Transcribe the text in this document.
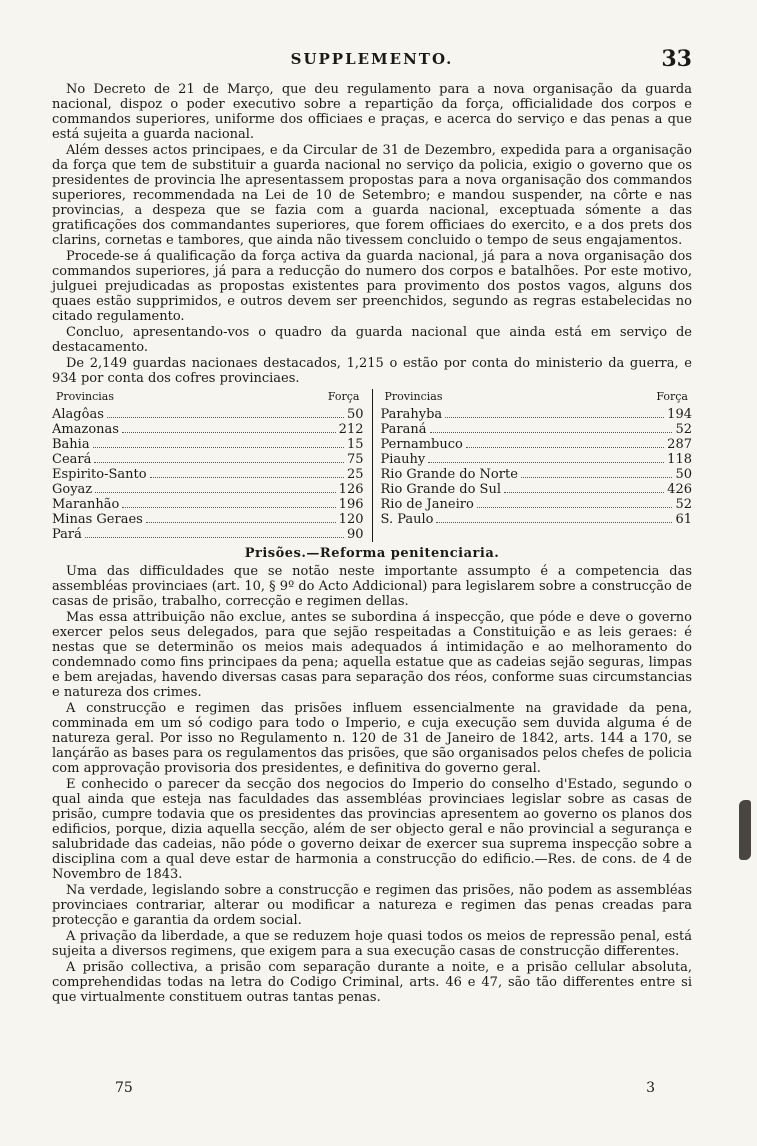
SUPPLEMENTO.	33

No Decreto de 21 de Março, que deu regulamento para a nova organisação da guarda nacional, dispoz o poder executivo sobre a repartição da força, officialidade dos corpos e commandos superiores, uniforme dos officiaes e praças, e acerca do serviço e das penas a que está sujeita a guarda nacional.

Além desses actos principaes, e da Circular de 31 de Dezembro, expedida para a organisação da força que tem de substituir a guarda nacional no serviço da policia, exigio o governo que os presidentes de provincia lhe apresentassem propostas para a nova organisação dos commandos superiores, recommendada na Lei de 10 de Setembro; e mandou suspender, na côrte e nas provincias, a despeza que se fazia com a guarda nacional, exceptuada sómente a das gratificações dos commandantes superiores, que forem officiaes do exercito, e a dos prets dos clarins, cornetas e tambores, que ainda não tivessem concluido o tempo de seus engajamentos.

Procede-se á qualificação da força activa da guarda nacional, já para a nova organisação dos commandos superiores, já para a reducção do numero dos corpos e batalhões. Por este motivo, julguei prejudicadas as propostas existentes para provimento dos postos vagos, alguns dos quaes estão supprimidos, e outros devem ser preenchidos, segundo as regras estabelecidas no citado regulamento.

Concluo, apresentando-vos o quadro da guarda nacional que ainda está em serviço de destacamento.

De 2,149 guardas nacionaes destacados, 1,215 o estão por conta do ministerio da guerra, e 934 por conta dos cofres provinciaes.

Provincias	Força
Alagôas	50
Amazonas	212
Bahia	15
Ceará	75
Espirito-Santo	25
Goyaz	126
Maranhão	196
Minas Geraes	120
Pará	90
Provincias	Força
Parahyba	194
Paraná	52
Pernambuco	287
Piauhy	118
Rio Grande do Norte	50
Rio Grande do Sul	426
Rio de Janeiro	52
S. Paulo	61
Prisões.—Reforma penitenciaria.

Uma das difficuldades que se notão neste importante assumpto é a competencia das assembléas provinciaes (art. 10, § 9º do Acto Addicional) para legislarem sobre a construcção de casas de prisão, trabalho, correcção e regimen dellas.

Mas essa attribuição não exclue, antes se subordina á inspecção, que póde e deve o governo exercer pelos seus delegados, para que sejão respeitadas a Constituição e as leis geraes: é nestas que se determinão os meios mais adequados á intimidação e ao melhoramento do condemnado como fins principaes da pena; aquella estatue que as cadeias sejão seguras, limpas e bem arejadas, havendo diversas casas para separação dos réos, conforme suas circumstancias e natureza dos crimes.

A construcção e regimen das prisões influem essencialmente na gravidade da pena, comminada em um só codigo para todo o Imperio, e cuja execução sem duvida alguma é de natureza geral. Por isso no Regulamento n. 120 de 31 de Janeiro de 1842, arts. 144 a 170, se lançárão as bases para os regulamentos das prisões, que são organisados pelos chefes de policia com approvação provisoria dos presidentes, e definitiva do governo geral.

E conhecido o parecer da secção dos negocios do Imperio do conselho d'Estado, segundo o qual ainda que esteja nas faculdades das assembléas provinciaes legislar sobre as casas de prisão, cumpre todavia que os presidentes das provincias apresentem ao governo os planos dos edificios, porque, dizia aquella secção, além de ser objecto geral e não provincial a segurança e salubridade das cadeias, não póde o governo deixar de exercer sua suprema inspecção sobre a disciplina com a qual deve estar de harmonia a construcção do edificio.—Res. de cons. de 4 de Novembro de 1843.

Na verdade, legislando sobre a construcção e regimen das prisões, não podem as assembléas provinciaes contrariar, alterar ou modificar a natureza e regimen das penas creadas para protecção e garantia da ordem social.

A privação da liberdade, a que se reduzem hoje quasi todos os meios de repressão penal, está sujeita a diversos regimens, que exigem para a sua execução casas de construcção differentes.

A prisão collectiva, a prisão com separação durante a noite, e a prisão cellular absoluta, comprehendidas todas na letra do Codigo Criminal, arts. 46 e 47, são tão differentes entre si que virtualmente constituem outras tantas penas.

75	3
